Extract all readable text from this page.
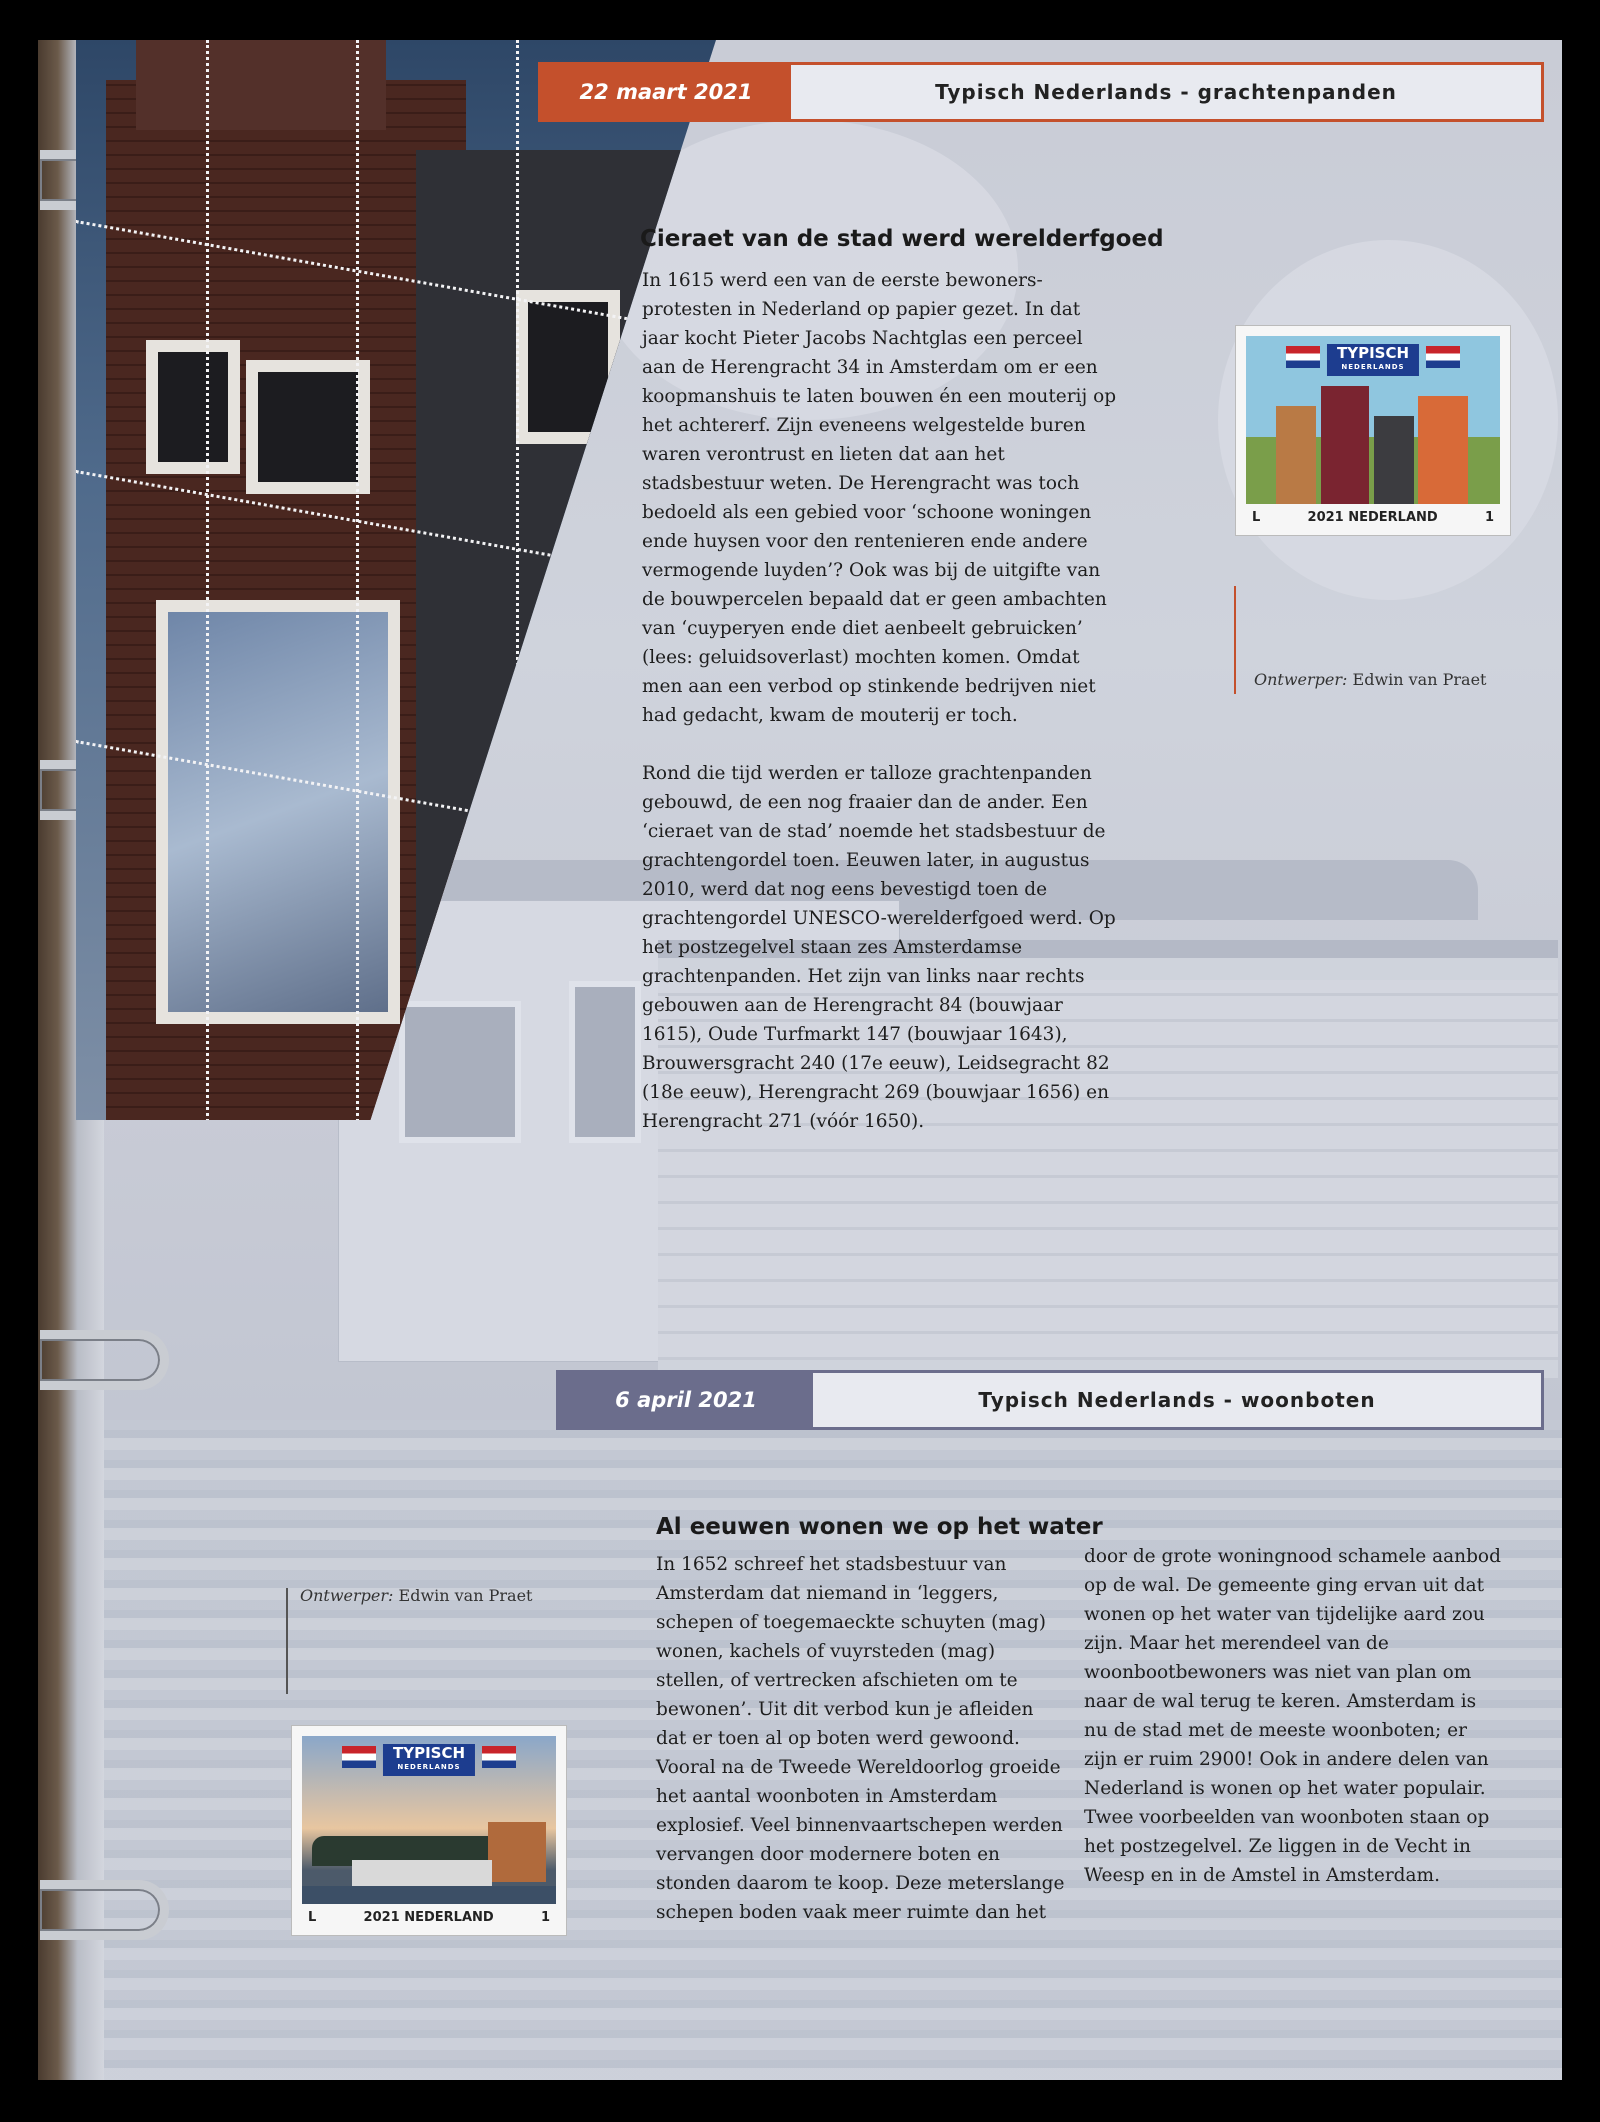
22 maart 2021	Typisch Nederlands - grachtenpanden
Cieraet van de stad werd werelderfgoed

In 1615 werd een van de eerste bewoners-protesten in Nederland op papier gezet. In dat jaar kocht Pieter Jacobs Nachtglas een perceel aan de Herengracht 34 in Amsterdam om er een koopmanshuis te laten bouwen én een mouterij op het achtererf. Zijn eveneens welgestelde buren waren verontrust en lieten dat aan het stadsbestuur weten. De Herengracht was toch bedoeld als een gebied voor ‘schoone woningen ende huysen voor den rentenieren ende andere vermogende luyden’? Ook was bij de uitgifte van de bouwpercelen bepaald dat er geen ambachten van ‘cuyperyen ende diet aenbeelt gebruicken’ (lees: geluidsoverlast) mochten komen. Omdat men aan een verbod op stinkende bedrijven niet had gedacht, kwam de mouterij er toch.

Rond die tijd werden er talloze grachtenpanden gebouwd, de een nog fraaier dan de ander. Een ‘cieraet van de stad’ noemde het stadsbestuur de grachtengordel toen. Eeuwen later, in augustus 2010, werd dat nog eens bevestigd toen de grachtengordel UNESCO-werelderfgoed werd. Op het postzegelvel staan zes Amsterdamse grachtenpanden. Het zijn van links naar rechts gebouwen aan de Herengracht 84 (bouwjaar 1615), Oude Turfmarkt 147 (bouwjaar 1643), Brouwersgracht 240 (17e eeuw), Leidsegracht 82 (18e eeuw), Herengracht 269 (bouwjaar 1656) en Herengracht 271 (vóór 1650).

TYPISCH
NEDERLANDS
L	2021 NEDERLAND	1
Ontwerper: Edwin van Praet
6 april 2021	Typisch Nederlands - woonboten
Al eeuwen wonen we op het water
In 1652 schreef het stadsbestuur van Amsterdam dat niemand in ‘leggers, schepen of toegemaeckte schuyten (mag) wonen, kachels of vuyrsteden (mag) stellen, of vertrecken afschieten om te bewonen’. Uit dit verbod kun je afleiden dat er toen al op boten werd gewoond. Vooral na de Tweede Wereldoorlog groeide het aantal woonboten in Amsterdam explosief. Veel binnenvaartschepen werden vervangen door modernere boten en stonden daarom te koop. Deze meterslange schepen boden vaak meer ruimte dan het
door de grote woningnood schamele aanbod op de wal. De gemeente ging ervan uit dat wonen op het water van tijdelijke aard zou zijn. Maar het merendeel van de woonbootbewoners was niet van plan om naar de wal terug te keren. Amsterdam is nu de stad met de meeste woonboten; er zijn er ruim 2900! Ook in andere delen van Nederland is wonen op het water populair. Twee voorbeelden van woonboten staan op het postzegelvel. Ze liggen in de Vecht in Weesp en in de Amstel in Amsterdam.
Ontwerper: Edwin van Praet
TYPISCH
NEDERLANDS
L	2021 NEDERLAND	1
